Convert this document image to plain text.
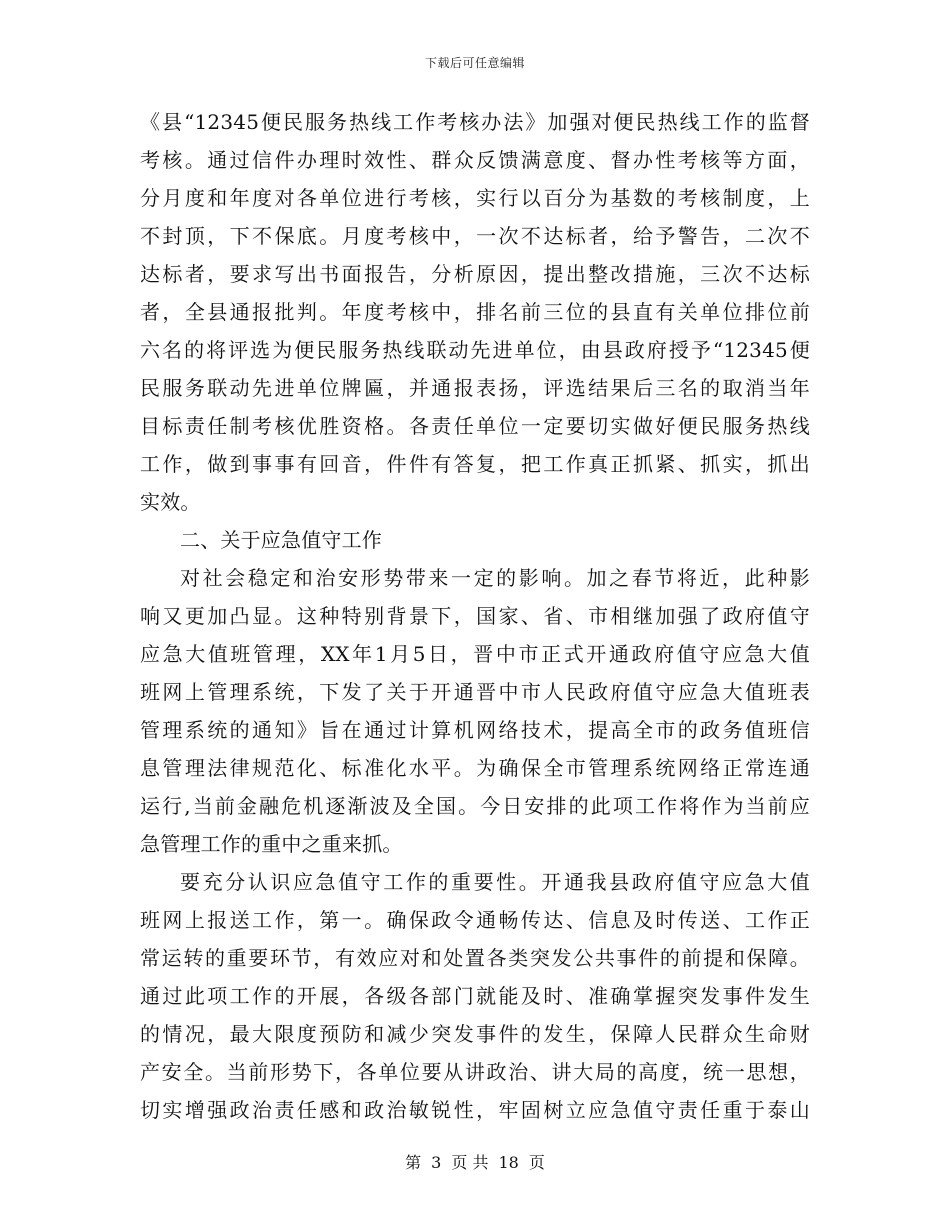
下载后可任意编辑
《县“12345便民服务热线工作考核办法》加强对便民热线工作的监督
考核。通过信件办理时效性、群众反馈满意度、督办性考核等方面，
分月度和年度对各单位进行考核，实行以百分为基数的考核制度，上
不封顶，下不保底。月度考核中，一次不达标者，给予警告，二次不
达标者，要求写出书面报告，分析原因，提出整改措施，三次不达标
者，全县通报批判。年度考核中，排名前三位的县直有关单位排位前
六名的将评选为便民服务热线联动先进单位，由县政府授予“12345便
民服务联动先进单位牌匾，并通报表扬，评选结果后三名的取消当年
目标责任制考核优胜资格。各责任单位一定要切实做好便民服务热线
工作，做到事事有回音，件件有答复，把工作真正抓紧、抓实，抓出
实效。
二、关于应急值守工作
对社会稳定和治安形势带来一定的影响。加之春节将近，此种影
响又更加凸显。这种特别背景下，国家、省、市相继加强了政府值守
应急大值班管理，XX年1月5日，晋中市正式开通政府值守应急大值
班网上管理系统，下发了关于开通晋中市人民政府值守应急大值班表
管理系统的通知》旨在通过计算机网络技术，提高全市的政务值班信
息管理法律规范化、标准化水平。为确保全市管理系统网络正常连通
运行,当前金融危机逐渐波及全国。今日安排的此项工作将作为当前应
急管理工作的重中之重来抓。
要充分认识应急值守工作的重要性。开通我县政府值守应急大值
班网上报送工作，第一。确保政令通畅传达、信息及时传送、工作正
常运转的重要环节，有效应对和处置各类突发公共事件的前提和保障。
通过此项工作的开展，各级各部门就能及时、准确掌握突发事件发生
的情况，最大限度预防和减少突发事件的发生，保障人民群众生命财
产安全。当前形势下，各单位要从讲政治、讲大局的高度，统一思想，
切实增强政治责任感和政治敏锐性，牢固树立应急值守责任重于泰山
第 3 页 共 18 页
